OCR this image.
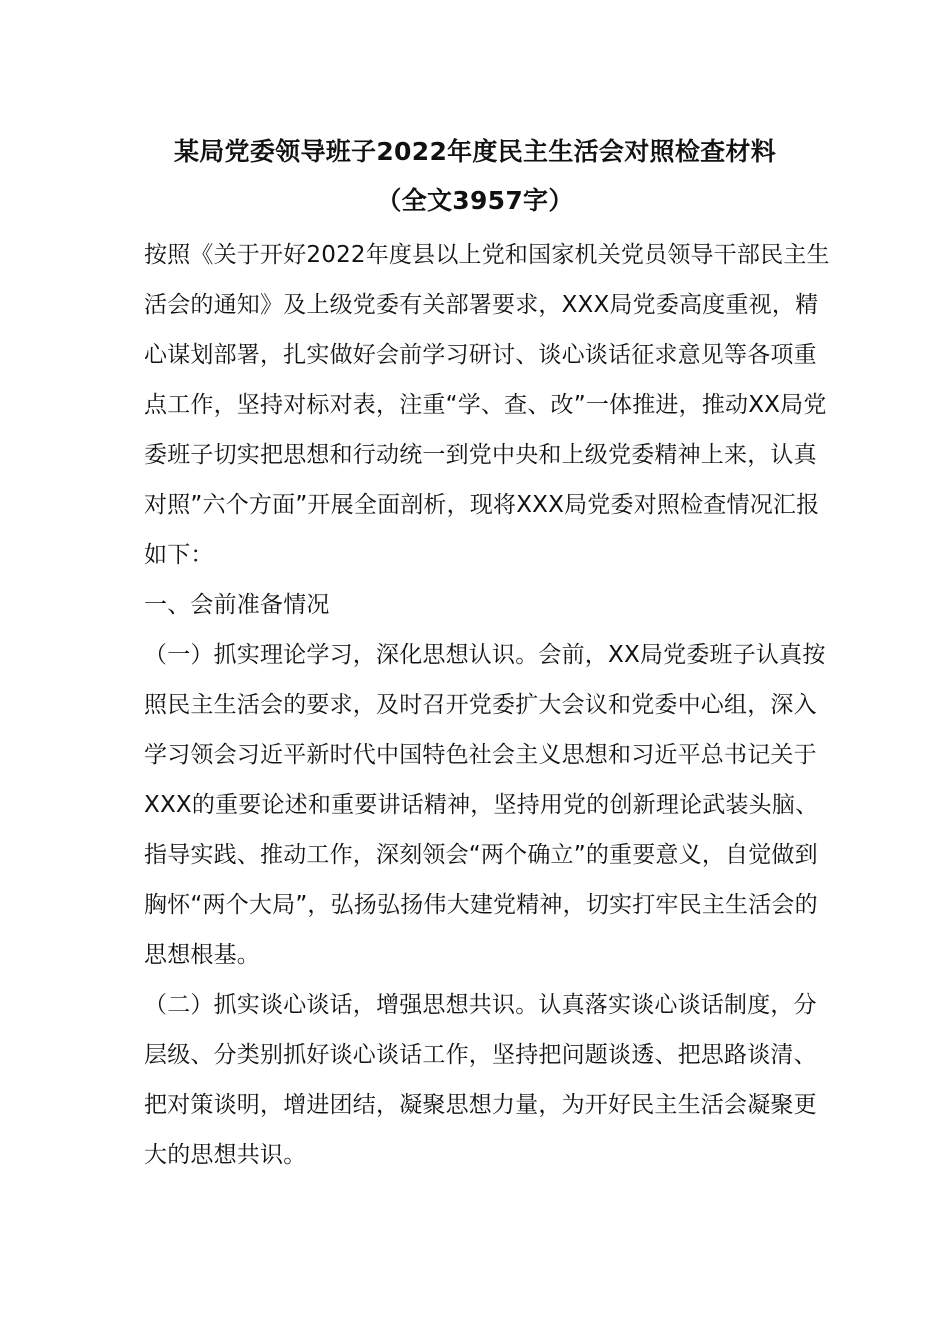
某局党委领导班子2022年度民主生活会对照检查材料
（全文3957字）
按照《关于开好2022年度县以上党和国家机关党员领导干部民主生
活会的通知》及上级党委有关部署要求，XXX局党委高度重视，精
心谋划部署，扎实做好会前学习研讨、谈心谈话征求意见等各项重
点工作，坚持对标对表，注重“学、查、改”一体推进，推动XX局党
委班子切实把思想和行动统一到党中央和上级党委精神上来，认真
对照”六个方面”开展全面剖析，现将XXX局党委对照检查情况汇报
如下：
一、会前准备情况
（一）抓实理论学习，深化思想认识。会前，XX局党委班子认真按
照民主生活会的要求，及时召开党委扩大会议和党委中心组，深入
学习领会习近平新时代中国特色社会主义思想和习近平总书记关于
XXX的重要论述和重要讲话精神，坚持用党的创新理论武装头脑、
指导实践、推动工作，深刻领会“两个确立”的重要意义，自觉做到
胸怀“两个大局”，弘扬弘扬伟大建党精神，切实打牢民主生活会的
思想根基。
（二）抓实谈心谈话，增强思想共识。认真落实谈心谈话制度，分
层级、分类别抓好谈心谈话工作，坚持把问题谈透、把思路谈清、
把对策谈明，增进团结，凝聚思想力量，为开好民主生活会凝聚更
大的思想共识。
